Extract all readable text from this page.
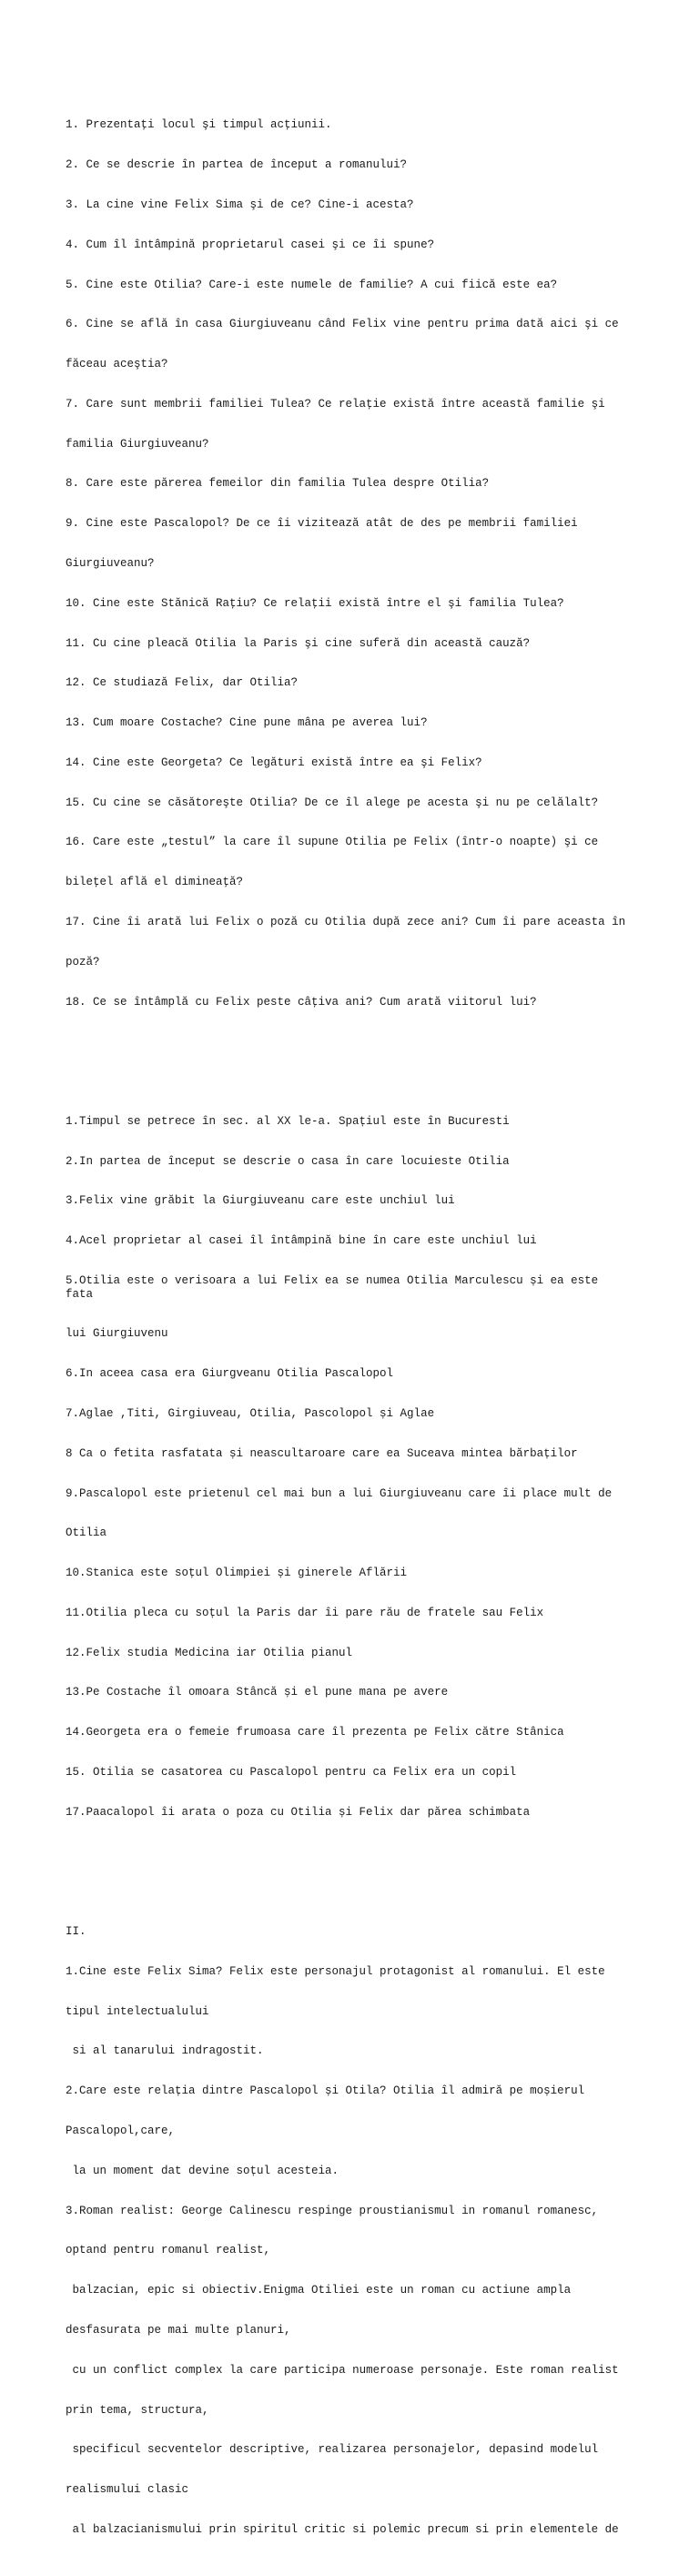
1. Prezentaţi locul şi timpul acţiunii.

2. Ce se descrie în partea de început a romanului?

3. La cine vine Felix Sima şi de ce? Cine-i acesta?

4. Cum îl întâmpină proprietarul casei şi ce îi spune?

5. Cine este Otilia? Care-i este numele de familie? A cui fiică este ea?

6. Cine se află în casa Giurgiuveanu când Felix vine pentru prima dată aici şi ce

făceau aceştia?

7. Care sunt membrii familiei Tulea? Ce relaţie există între această familie şi

familia Giurgiuveanu?

8. Care este părerea femeilor din familia Tulea despre Otilia?

9. Cine este Pascalopol? De ce îi vizitează atât de des pe membrii familiei

Giurgiuveanu?

10. Cine este Stănică Raţiu? Ce relaţii există între el şi familia Tulea?

11. Cu cine pleacă Otilia la Paris şi cine suferă din această cauză?

12. Ce studiază Felix, dar Otilia?

13. Cum moare Costache? Cine pune mâna pe averea lui?

14. Cine este Georgeta? Ce legături există între ea şi Felix?

15. Cu cine se căsătoreşte Otilia? De ce îl alege pe acesta şi nu pe celălalt?

16. Care este „testul” la care îl supune Otilia pe Felix (într-o noapte) şi ce

bileţel află el dimineaţă?

17. Cine îi arată lui Felix o poză cu Otilia după zece ani? Cum îi pare aceasta în

poză?

18. Ce se întâmplă cu Felix peste câţiva ani? Cum arată viitorul lui?

1.Timpul se petrece în sec. al XX le-a. Spațiul este în Bucuresti

2.In partea de început se descrie o casa în care locuieste Otilia

3.Felix vine grăbit la Giurgiuveanu care este unchiul lui

4.Acel proprietar al casei îl întâmpină bine în care este unchiul lui

5.Otilia este o verisoara a lui Felix ea se numea Otilia Marculescu și ea este fata

lui Giurgiuvenu

6.In aceea casa era Giurgveanu Otilia Pascalopol

7.Aglae ,Titi, Girgiuveau, Otilia, Pascolopol și Aglae

8 Ca o fetita rasfatata și neascultaroare care ea Suceava mintea bărbaților

9.Pascalopol este prietenul cel mai bun a lui Giurgiuveanu care îi place mult de

Otilia

10.Stanica este soțul Olimpiei și ginerele Aflării

11.Otilia pleca cu soțul la Paris dar îi pare rău de fratele sau Felix

12.Felix studia Medicina iar Otilia pianul

13.Pe Costache îl omoara Stâncă și el pune mana pe avere

14.Georgeta era o femeie frumoasa care îl prezenta pe Felix către Stânica

15. Otilia se casatorea cu Pascalopol pentru ca Felix era un copil

17.Paacalopol îi arata o poza cu Otilia și Felix dar părea schimbata

II.

1.Cine este Felix Sima? Felix este personajul protagonist al romanului. El este

tipul intelectualului

si al tanarului indragostit.

2.Care este relația dintre Pascalopol și Otila? Otilia îl admiră pe moșierul

Pascalopol,care,

la un moment dat devine soțul acesteia.

3.Roman realist: George Calinescu respinge proustianismul in romanul romanesc,

optand pentru romanul realist,

balzacian, epic si obiectiv.Enigma Otiliei este un roman cu actiune ampla

desfasurata pe mai multe planuri,

cu un conflict complex la care participa numeroase personaje. Este roman realist

prin tema, structura,

specificul secventelor descriptive, realizarea personajelor, depasind modelul

realismului clasic

al balzacianismului prin spiritul critic si polemic precum si prin elementele de
